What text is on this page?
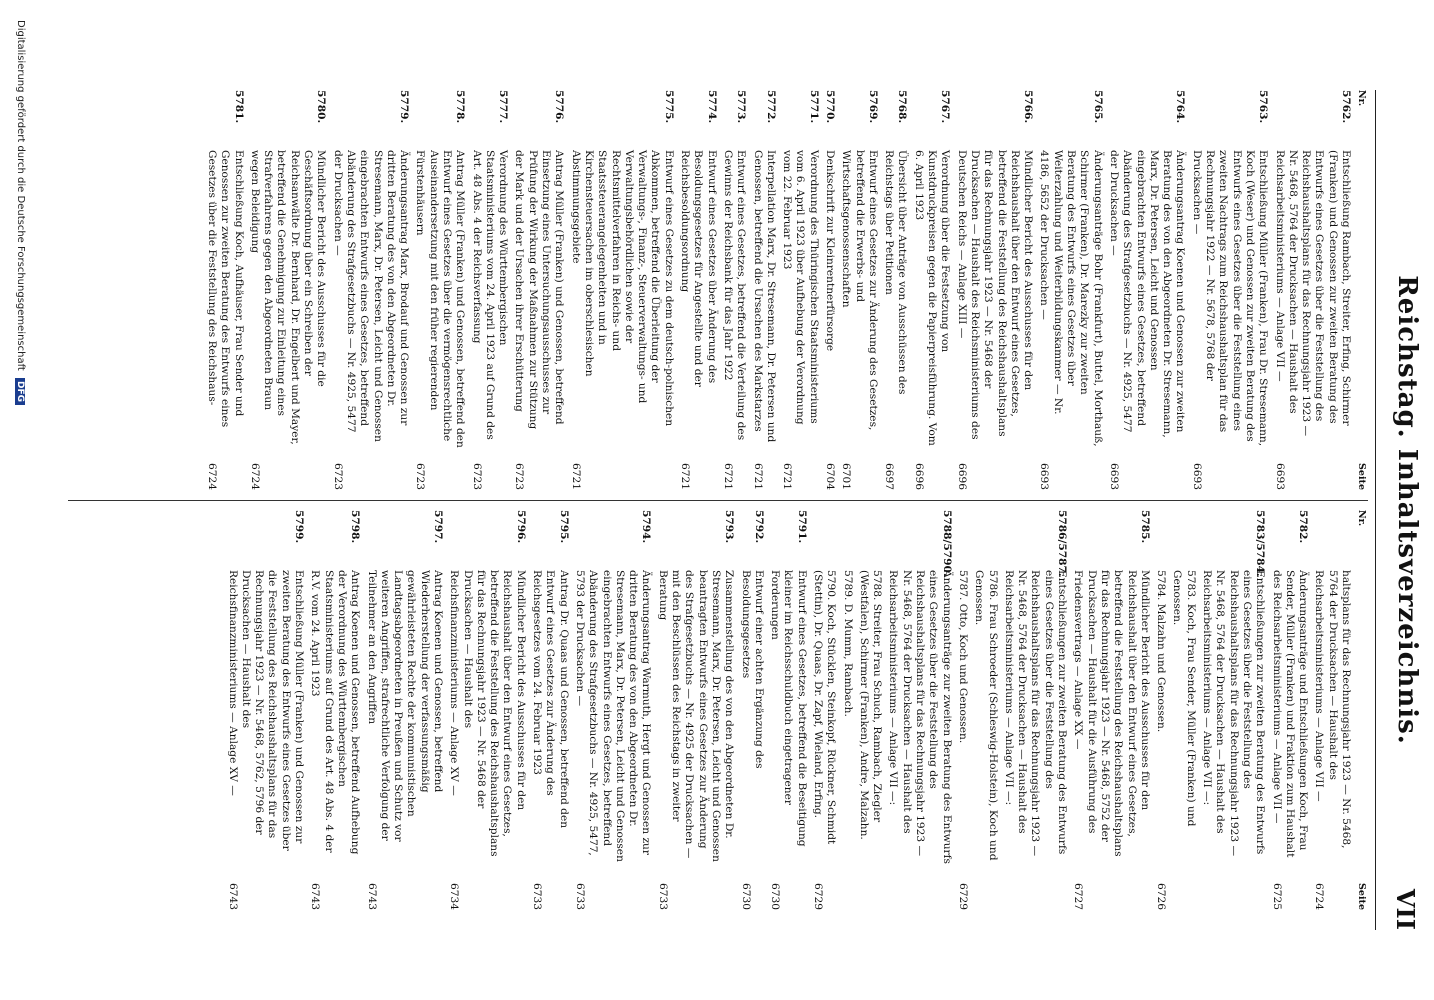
Reichstag. Inhaltsverzeichnis.
VII
Nr.
Seite
5762.
Entschließung Rambach, Streiter, Erfing, Schirmer (Franken) und Genossen zur zweiten Beratung des Entwurfs eines Gesetzes über die Feststellung des Reichshaushaltsplans für das Rechnungsjahr 1923 — Nr. 5468, 5764 der Drucksachen — Haushalt des Reichsarbeitsministeriums — Anlage VII —
6693
5763.
Entschließung Müller (Franken), Frau Dr. Stresemann, Koch (Weser) und Genossen zur zweiten Beratung des Entwurfs eines Gesetzes über die Feststellung eines zweiten Nachtrags zum Reichshaushaltsplan für das Rechnungsjahr 1922 — Nr. 5678, 5768 der Drucksachen —
6693
5764.
Änderungsantrag Koenen und Genossen zur zweiten Beratung des von den Abgeordneten Dr. Stresemann, Marx, Dr. Petersen, Leicht und Genossen eingebrachten Entwurfs eines Gesetzes, betreffend Abänderung des Strafgesetzbuchs — Nr. 4925, 5477 der Drucksachen —
6693
5765.
Änderungsanträge Bohr (Frankfurt), Buttel, Morthauß, Schirmer (Franken), Dr. Marezky zur zweiten Beratung des Entwurfs eines Gesetzes über Weiterzahlung und Weiterbildungskammer — Nr. 4186, 5652 der Drucksachen —
6693
5766.
Mündlicher Bericht des Ausschusses für den Reichshaushalt über den Entwurf eines Gesetzes, betreffend die Feststellung des Reichshaushaltsplans für das Rechnungsjahr 1923 — Nr. 5468 der Drucksachen — Haushalt des Reichsministeriums des Deutschen Reichs — Anlage XIII —
6696
5767.
Verordnung über die Festsetzung von Kunstdruckpreisen gegen die Papierpreisführung. Vom 6. April 1923
6696
5768.
Übersicht über Anträge von Ausschüssen des Reichstags über Petitionen
6697
5769.
Entwurf eines Gesetzes zur Änderung des Gesetzes, betreffend die Erwerbs- und Wirtschaftsgenossenschaften
6701
5770.
Denkschrift zur Kleinrentnerfürsorge
6704
5771.
Verordnung des Thüringischen Staatsministeriums vom 6. April 1923 über Aufhebung der Verordnung vom 22. Februar 1923
6721
5772.
Interpellation Marx, Dr. Stresemann, Dr. Petersen und Genossen, betreffend die Ursachen des Markstarzes
6721
5773.
Entwurf eines Gesetzes, betreffend die Verteilung des Gewinns der Reichsbank für das Jahr 1922
6721
5774.
Entwurf eines Gesetzes über Änderung des Besoldungsgesetzes für Angestellte und der Reichsbesoldungsordnung
6721
5775.
Entwurf eines Gesetzes zu dem deutsch-polnischen Abkommen, betreffend die Überleitung der Verwaltungs-, Finanz-, Steuerverwaltungs- und Verwaltungsbehördlichen sowie der Rechtsmittelverfahren in Reichs- und Staatssteuerangelegenheiten und in Kirchensteuersachen im oberschlesischen Abstimmungsgebiete
6721
5776.
Antrag Müller (Franken) und Genossen, betreffend Einsetzung eines Untersuchungsausschusses zur Prüfung der Wirkung der Maßnahmen zur Stützung der Mark und der Ursachen ihrer Erschütterung
6723
5777.
Verordnung des Württembergischen Staatsministeriums vom 24. April 1923 auf Grund des Art. 48 Abs. 4 der Reichsverfassung
6723
5778.
Antrag Müller (Franken) und Genossen, betreffend den Entwurf eines Gesetzes über die vermögensrechtliche Auseinandersetzung mit den früher regierenden Fürstenhäusern
6723
5779.
Änderungsantrag Marx, Brodauf und Genossen zur dritten Beratung des von den Abgeordneten Dr. Stresemann, Marx, Dr. Petersen, Leicht und Genossen eingebrachten Entwurfs eines Gesetzes, betreffend Abänderung des Strafgesetzbuchs — Nr. 4925, 5477 der Drucksachen —
6723
5780.
Mündlicher Bericht des Ausschusses für die Geschäftsordnung über ein Schreiben der Reichsanwälte Dr. Bernhard, Dr. Engelbert und Mayer, betreffend die Genehmigung zur Einleitung eines Strafverfahrens gegen den Abgeordneten Braun wegen Beleidigung
6724
5781.
Entschließung Koch, Aufhäuser, Frau Sender und Genossen zur zweiten Beratung des Entwurfs eines Gesetzes über die Feststellung des Reichshaus-
6724
Nr.
Seite
haltsplans für das Rechnungsjahr 1923 — Nr. 5468, 5764 der Drucksachen — Haushalt des Reichsarbeitsministeriums — Anlage VII —
6724
5782.
Änderungsanträge und Entschließungen Koch, Frau Sender, Müller (Franken) und Fraktion zum Haushalt des Reichsarbeitsministeriums — Anlage VII —
6725
5783/5784.
Entschließungen zur zweiten Beratung des Entwurfs eines Gesetzes über die Feststellung des Reichshaushaltsplans für das Rechnungsjahr 1923 — Nr. 5468, 5764 der Drucksachen — Haushalt des Reichsarbeitsministeriums — Anlage VII —:
5783. Koch, Frau Sender, Müller (Franken) und Genossen.
5784. Malzahn und Genossen.
6726
5785.
Mündlicher Bericht des Ausschusses für den Reichshaushalt über den Entwurf eines Gesetzes, betreffend die Feststellung des Reichshaushaltsplans für das Rechnungsjahr 1923 — Nr. 5468, 5752 der Drucksachen — Haushalt für die Ausführung des Friedensvertrags — Anlage XX —
6727
5786/5787.
Entschließungen zur zweiten Beratung des Entwurfs eines Gesetzes über die Feststellung des Reichshaushaltsplans für das Rechnungsjahr 1923 — Nr. 5468, 5764 der Drucksachen — Haushalt des Reichsarbeitsministeriums — Anlage VII —:
5786. Frau Schroeder (Schleswig-Holstein), Koch und Genossen.
5787. Otto, Koch und Genossen.
6729
5788/5790.
Änderungsanträge zur zweiten Beratung des Entwurfs eines Gesetzes über die Feststellung des Reichshaushaltsplans für das Rechnungsjahr 1923 — Nr. 5468, 5764 der Drucksachen — Haushalt des Reichsarbeitsministeriums — Anlage VII —:
5788. Streiter, Frau Schuch, Rambach, Ziegler (Westfalen), Schirmer (Franken), Andre, Malzahn.
5789. D. Mumm, Rambach.
5790. Koch, Stücklen, Steinkopf, Rückner, Schmidt (Stettin), Dr. Quaas, Dr. Zapf, Wieland, Erfing.
6729
5791.
Entwurf eines Gesetzes, betreffend die Beseitigung kleiner im Reichsschuldbuch eingetragener Forderungen
6730
5792.
Entwurf einer achten Ergänzung des Besoldungsgesetzes
6730
5793.
Zusammenstellung des von den Abgeordneten Dr. Stresemann, Marx, Dr. Petersen, Leicht und Genossen beantragten Entwurfs eines Gesetzes zur Änderung des Strafgesetzbuchs — Nr. 4925 der Drucksachen — mit den Beschlüssen des Reichstags in zweiter Beratung
6733
5794.
Änderungsantrag Warmuth, Hergt und Genossen zur dritten Beratung des von den Abgeordneten Dr. Stresemann, Marx, Dr. Petersen, Leicht und Genossen eingebrachten Entwurfs eines Gesetzes, betreffend Abänderung des Strafgesetzbuchs — Nr. 4925, 5477, 5793 der Drucksachen —
6733
5795.
Antrag Dr. Quaas und Genossen, betreffend den Entwurf eines Gesetzes zur Änderung des Reichsgesetzes vom 24. Februar 1923
6733
5796.
Mündlicher Bericht des Ausschusses für den Reichshaushalt über den Entwurf eines Gesetzes, betreffend die Feststellung des Reichshaushaltsplans für das Rechnungsjahr 1923 — Nr. 5468 der Drucksachen — Haushalt des Reichsfinanzministeriums — Anlage XV —
6734
5797.
Antrag Koenen und Genossen, betreffend Wiederherstellung der verfassungsmäßig gewährleisteten Rechte der kommunistischen Landtagsabgeordneten in Preußen und Schutz vor weiteren Angriffen, strafrechtliche Verfolgung der Teilnehmer an den Angriffen
6743
5798.
Antrag Koenen und Genossen, betreffend Aufhebung der Verordnung des Württembergischen Staatsministeriums auf Grund des Art. 48 Abs. 4 der R.V. vom 24. April 1923
6743
5799.
Entschließung Müller (Franken) und Genossen zur zweiten Beratung des Entwurfs eines Gesetzes über die Feststellung des Reichshaushaltsplans für das Rechnungsjahr 1923 — Nr. 5468, 5762, 5796 der Drucksachen — Haushalt des Reichsfinanzministeriums — Anlage XV —
6743
Digitalisierung gefördert durch die Deutsche Forschungsgemeinschaft DFG
